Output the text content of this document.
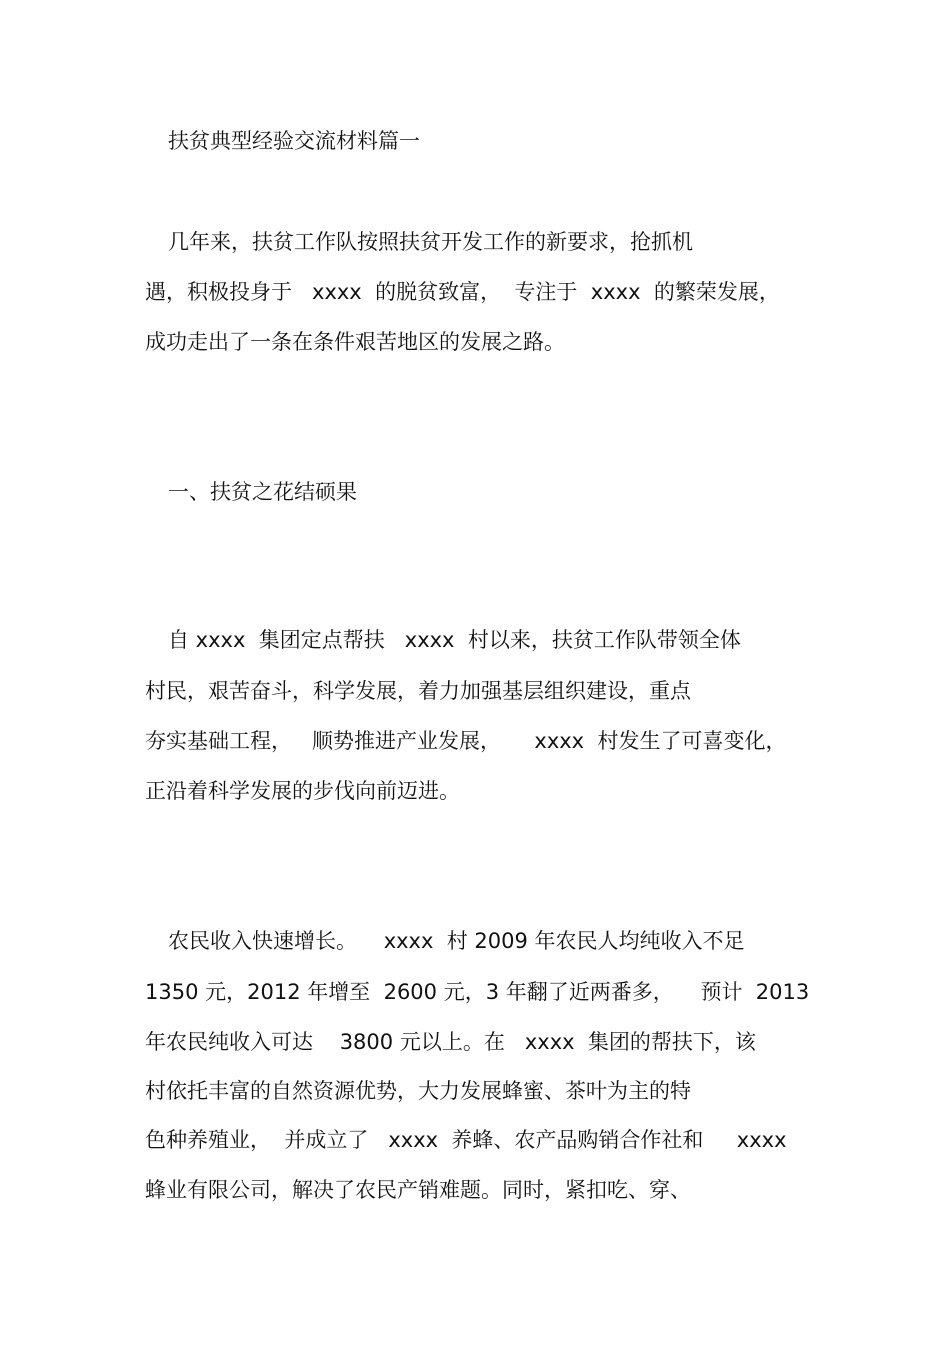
扶贫典型经验交流材料篇一
几年来，扶贫工作队按照扶贫开发工作的新要求，抢抓机
遇，积极投身于   xxxx  的脱贫致富，  专注于  xxxx  的繁荣发展，
成功走出了一条在条件艰苦地区的发展之路。
一、扶贫之花结硕果
自 xxxx  集团定点帮扶   xxxx  村以来，扶贫工作队带领全体
村民，艰苦奋斗，科学发展，着力加强基层组织建设，重点
夯实基础工程，   顺势推进产业发展，     xxxx  村发生了可喜变化，
正沿着科学发展的步伐向前迈进。
农民收入快速增长。    xxxx  村 2009 年农民人均纯收入不足
1350 元，2012 年增至  2600 元，3 年翻了近两番多，    预计  2013
年农民纯收入可达    3800 元以上。在   xxxx  集团的帮扶下，该
村依托丰富的自然资源优势，大力发展蜂蜜、茶叶为主的特
色种养殖业，  并成立了   xxxx  养蜂、农产品购销合作社和     xxxx
蜂业有限公司，解决了农民产销难题。同时，紧扣吃、穿、
